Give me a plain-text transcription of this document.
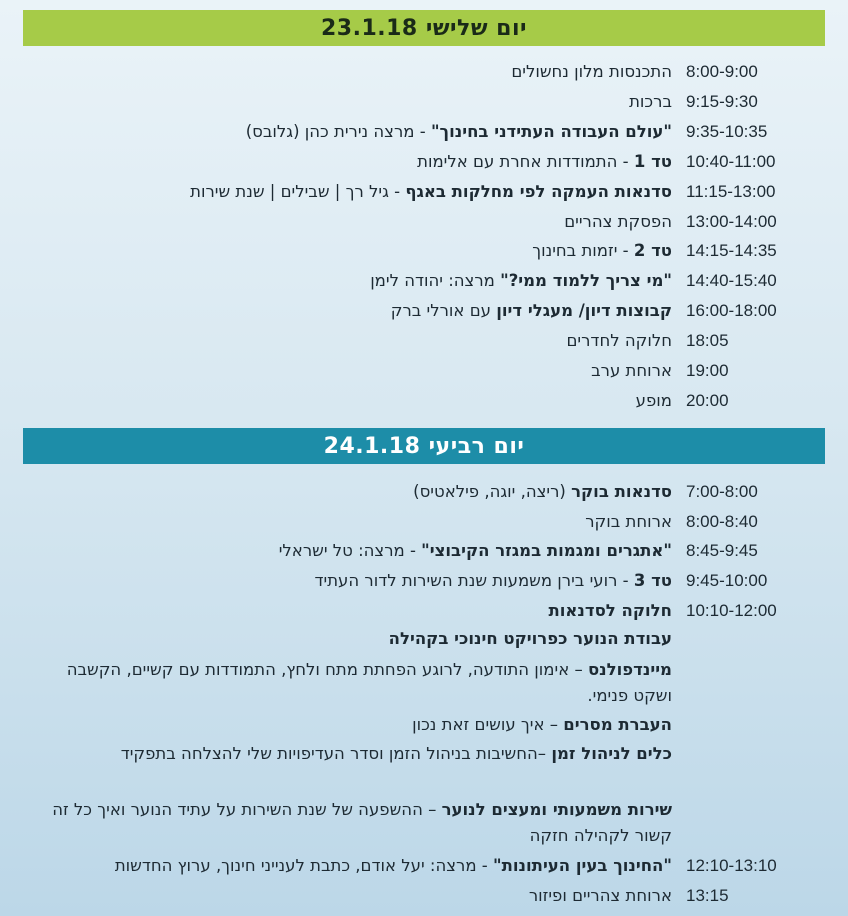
יום שלישי 23.1.18
8:00-9:00
התכנסות מלון נחשולים
9:15-9:30
ברכות
9:35-10:35
"עולם העבודה העתידני בחינוך" - מרצה נירית כהן (גלובס)
10:40-11:00
טד 1 - התמודדות אחרת עם אלימות
11:15-13:00
סדנאות העמקה לפי מחלקות באגף - גיל רך | שבילים | שנת שירות
13:00-14:00
הפסקת צהריים
14:15-14:35
טד 2 - יזמות בחינוך
14:40-15:40
"מי צריך ללמוד ממי?" מרצה: יהודה לימן
16:00-18:00
קבוצות דיון/ מעגלי דיון עם אורלי ברק
18:05
חלוקה לחדרים
19:00
ארוחת ערב
20:00
מופע
יום רביעי 24.1.18
7:00-8:00
סדנאות בוקר (ריצה, יוגה, פילאטיס)
8:00-8:40
ארוחת בוקר
8:45-9:45
"אתגרים ומגמות במגזר הקיבוצי" - מרצה: טל ישראלי
9:45-10:00
טד 3 - רועי בירן משמעות שנת השירות לדור העתיד
10:10-12:00
חלוקה לסדנאות
עבודת הנוער כפרויקט חינוכי בקהילה
מיינדפולנס – אימון התודעה, לרוגע הפחתת מתח ולחץ, התמודדות עם קשיים, הקשבה ושקט פנימי.
העברת מסרים – איך עושים זאת נכון
כלים לניהול זמן –החשיבות בניהול הזמן וסדר העדיפויות שלי להצלחה בתפקיד
שירות משמעותי ומעצים לנוער – ההשפעה של שנת השירות על עתיד הנוער ואיך כל זה קשור לקהילה חזקה
12:10-13:10
"החינוך בעין העיתונות" - מרצה: יעל אודם, כתבת לענייני חינוך, ערוץ החדשות
13:15
ארוחת צהריים ופיזור
